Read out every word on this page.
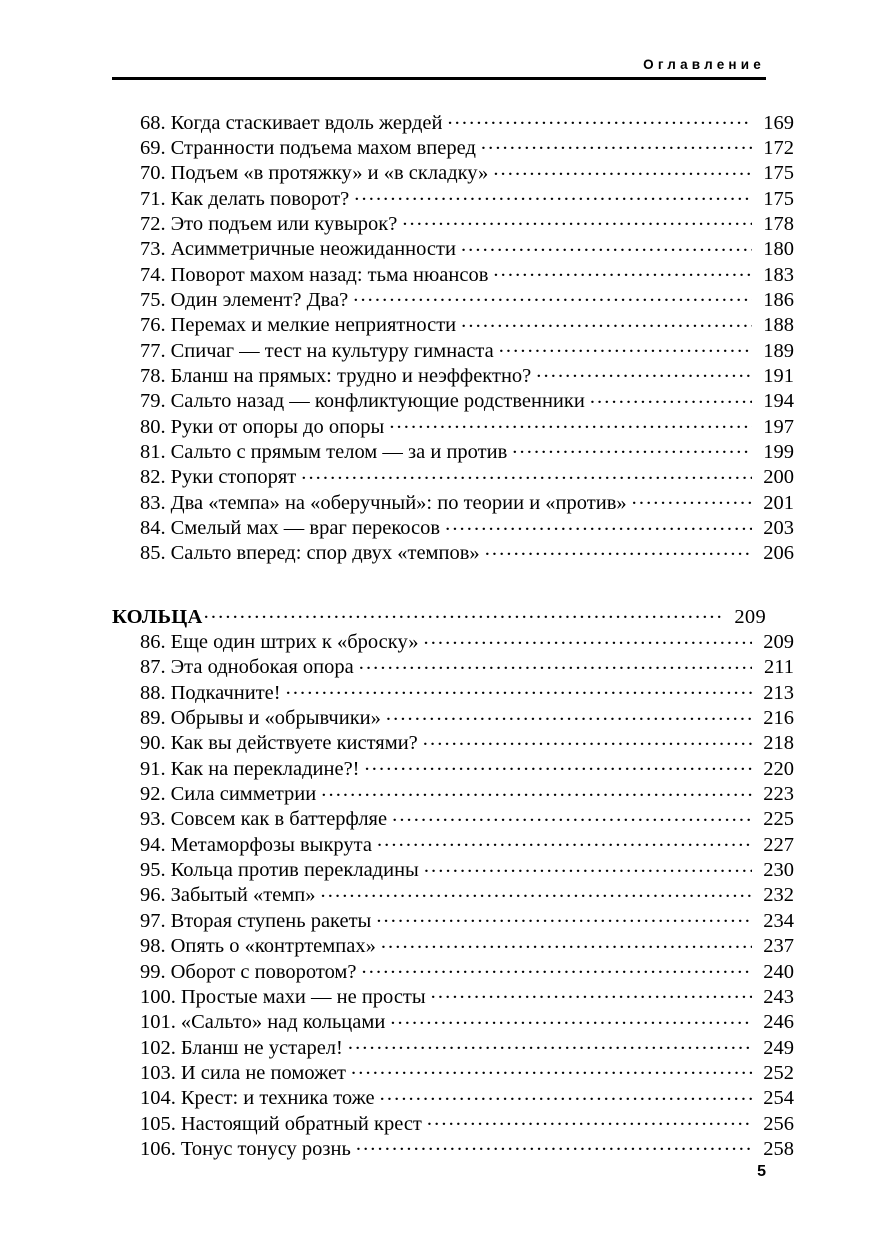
Оглавление
68. Когда стаскивает вдоль жердей .....	169
69. Странности подъема махом вперед .....	172
70. Подъем «в протяжку» и «в складку» .....	175
71. Как делать поворот? .....	175
72. Это подъем или кувырок? .....	178
73. Асимметричные неожиданности .....	180
74. Поворот махом назад: тьма нюансов .....	183
75. Один элемент? Два? .....	186
76. Перемах и мелкие неприятности .....	188
77. Спичаг — тест на культуру гимнаста .....	189
78. Бланш на прямых: трудно и неэффектно? .....	191
79. Сальто назад — конфликтующие родственники .....	194
80. Руки от опоры до опоры .....	197
81. Сальто с прямым телом — за и против .....	199
82. Руки стопорят .....	200
83. Два «темпа» на «оберучный»: по теории и «против» .....	201
84. Смелый мах — враг перекосов .....	203
85. Сальто вперед: спор двух «темпов» .....	206
КОЛЬЦА .....	209
86. Еще один штрих к «броску» .....	209
87. Эта однобокая опора .....	211
88. Подкачните! .....	213
89. Обрывы и «обрывчики» .....	216
90. Как вы действуете кистями? .....	218
91. Как на перекладине?! .....	220
92. Сила симметрии .....	223
93. Совсем как в баттерфляе .....	225
94. Метаморфозы выкрута .....	227
95. Кольца против перекладины .....	230
96. Забытый «темп» .....	232
97. Вторая ступень ракеты .....	234
98. Опять о «контртемпах» .....	237
99. Оборот с поворотом? .....	240
100. Простые махи — не просты .....	243
101. «Сальто» над кольцами .....	246
102. Бланш не устарел! .....	249
103. И сила не поможет .....	252
104. Крест: и техника тоже .....	254
105. Настоящий обратный крест .....	256
106. Тонус тонусу рознь .....	258
5
